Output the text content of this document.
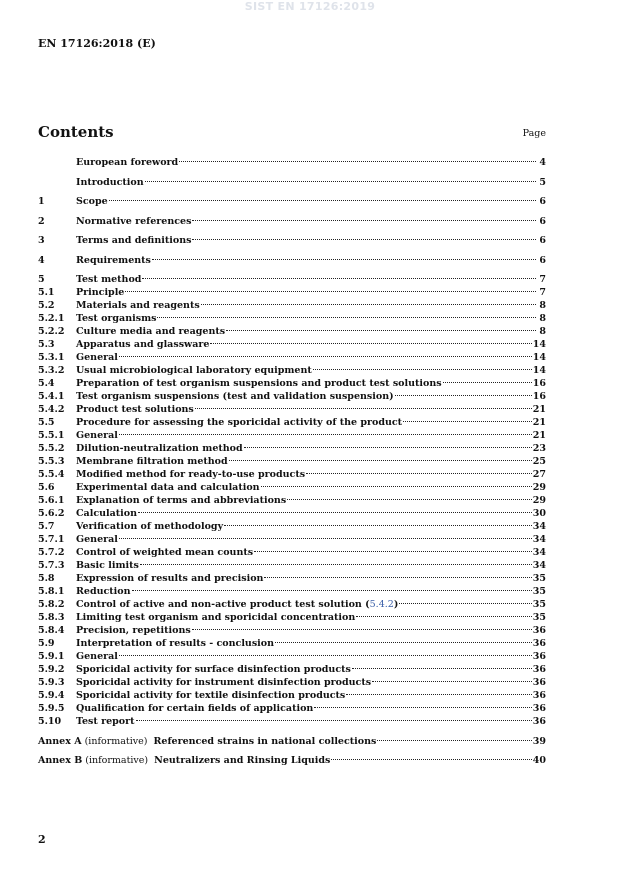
SIST EN 17126:2019
EN 17126:2018 (E)
Contents	Page
European foreword	4
Introduction	5
1	Scope	6
2	Normative references	6
3	Terms and definitions	6
4	Requirements	6
5	Test method	7
5.1	Principle	7
5.2	Materials and reagents	8
5.2.1	Test organisms	8
5.2.2	Culture media and reagents	8
5.3	Apparatus and glassware	14
5.3.1	General	14
5.3.2	Usual microbiological laboratory equipment	14
5.4	Preparation of test organism suspensions and product test solutions	16
5.4.1	Test organism suspensions (test and validation suspension)	16
5.4.2	Product test solutions	21
5.5	Procedure for assessing the sporicidal activity of the product	21
5.5.1	General	21
5.5.2	Dilution-neutralization method	23
5.5.3	Membrane filtration method	25
5.5.4	Modified method for ready-to-use products	27
5.6	Experimental data and calculation	29
5.6.1	Explanation of terms and abbreviations	29
5.6.2	Calculation	30
5.7	Verification of methodology	34
5.7.1	General	34
5.7.2	Control of weighted mean counts	34
5.7.3	Basic limits	34
5.8	Expression of results and precision	35
5.8.1	Reduction	35
5.8.2	Control of active and non-active product test solution (5.4.2)	35
5.8.3	Limiting test organism and sporicidal concentration	35
5.8.4	Precision, repetitions	36
5.9	Interpretation of results - conclusion	36
5.9.1	General	36
5.9.2	Sporicidal activity for surface disinfection products	36
5.9.3	Sporicidal activity for instrument disinfection products	36
5.9.4	Sporicidal activity for textile disinfection products	36
5.9.5	Qualification for certain fields of application	36
5.10	Test report	36
Annex A (informative)  Referenced strains in national collections	39
Annex B (informative)  Neutralizers and Rinsing Liquids	40
2
